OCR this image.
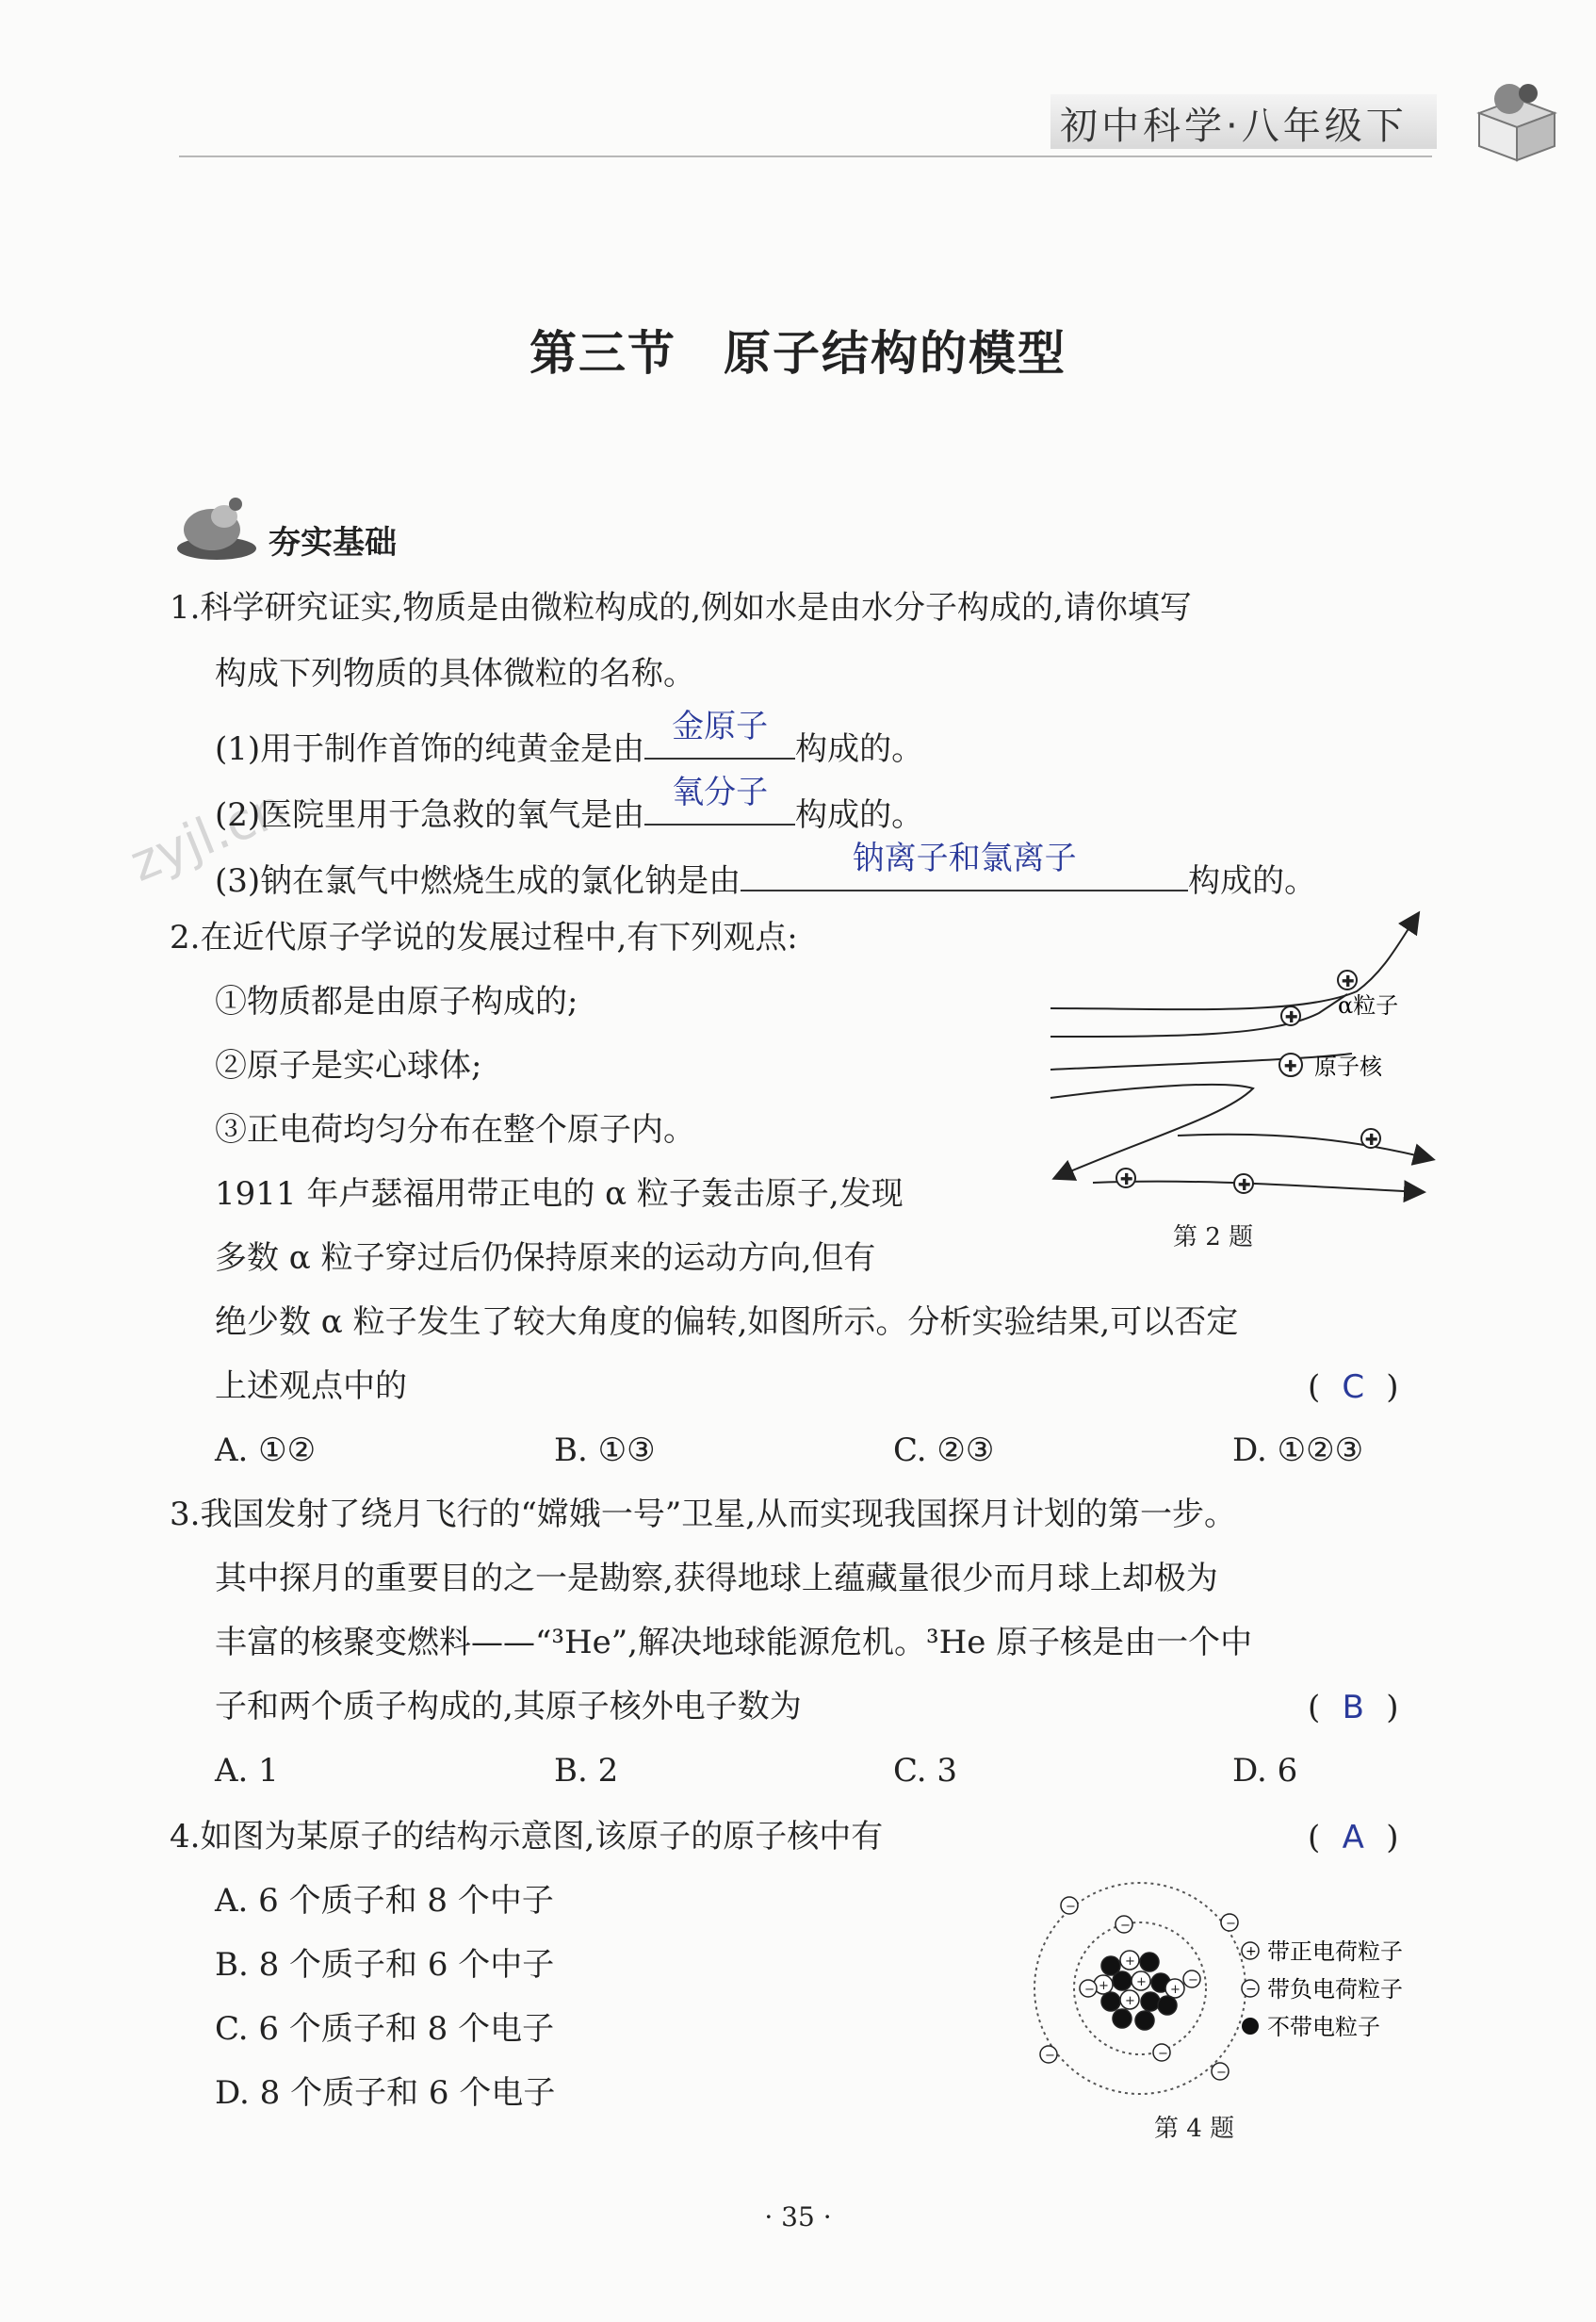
初中科学·八年级下
第三节 原子结构的模型
夯实基础
zyjl.cn
1.科学研究证实,物质是由微粒构成的,例如水是由水分子构成的,请你填写
构成下列物质的具体微粒的名称。
(1)用于制作首饰的纯黄金是由
金原子
构成的。
(2)医院里用于急救的氧气是由
氧分子
构成的。
(3)钠在氯气中燃烧生成的氯化钠是由
钠离子和氯离子
构成的。
2.在近代原子学说的发展过程中,有下列观点:
①物质都是由原子构成的;
②原子是实心球体;
③正电荷均匀分布在整个原子内。
1911 年卢瑟福用带正电的 α 粒子轰击原子,发现
多数 α 粒子穿过后仍保持原来的运动方向,但有
绝少数 α 粒子发生了较大角度的偏转,如图所示。分析实验结果,可以否定
上述观点中的	( C )
A. ①②	B. ①③	C. ②③	D. ①②③
+
+
+
+	+
+
α粒子
原子核
第 2 题
3.我国发射了绕月飞行的“嫦娥一号”卫星,从而实现我国探月计划的第一步。
其中探月的重要目的之一是勘察,获得地球上蕴藏量很少而月球上却极为
丰富的核聚变燃料——“³He”,解决地球能源危机。³He 原子核是由一个中
子和两个质子构成的,其原子核外电子数为	( B )
A. 1	B. 2	C. 3	D. 6
4.如图为某原子的结构示意图,该原子的原子核中有	( A )
A. 6 个质子和 8 个中子
B. 8 个质子和 6 个中子
C. 6 个质子和 8 个电子
D. 8 个质子和 6 个电子
+
+ +
+
+
−
−
−
−
−
−
−
−
+ 带正电荷粒子
− 带负电荷粒子
不带电粒子
第 4 题
· 35 ·
